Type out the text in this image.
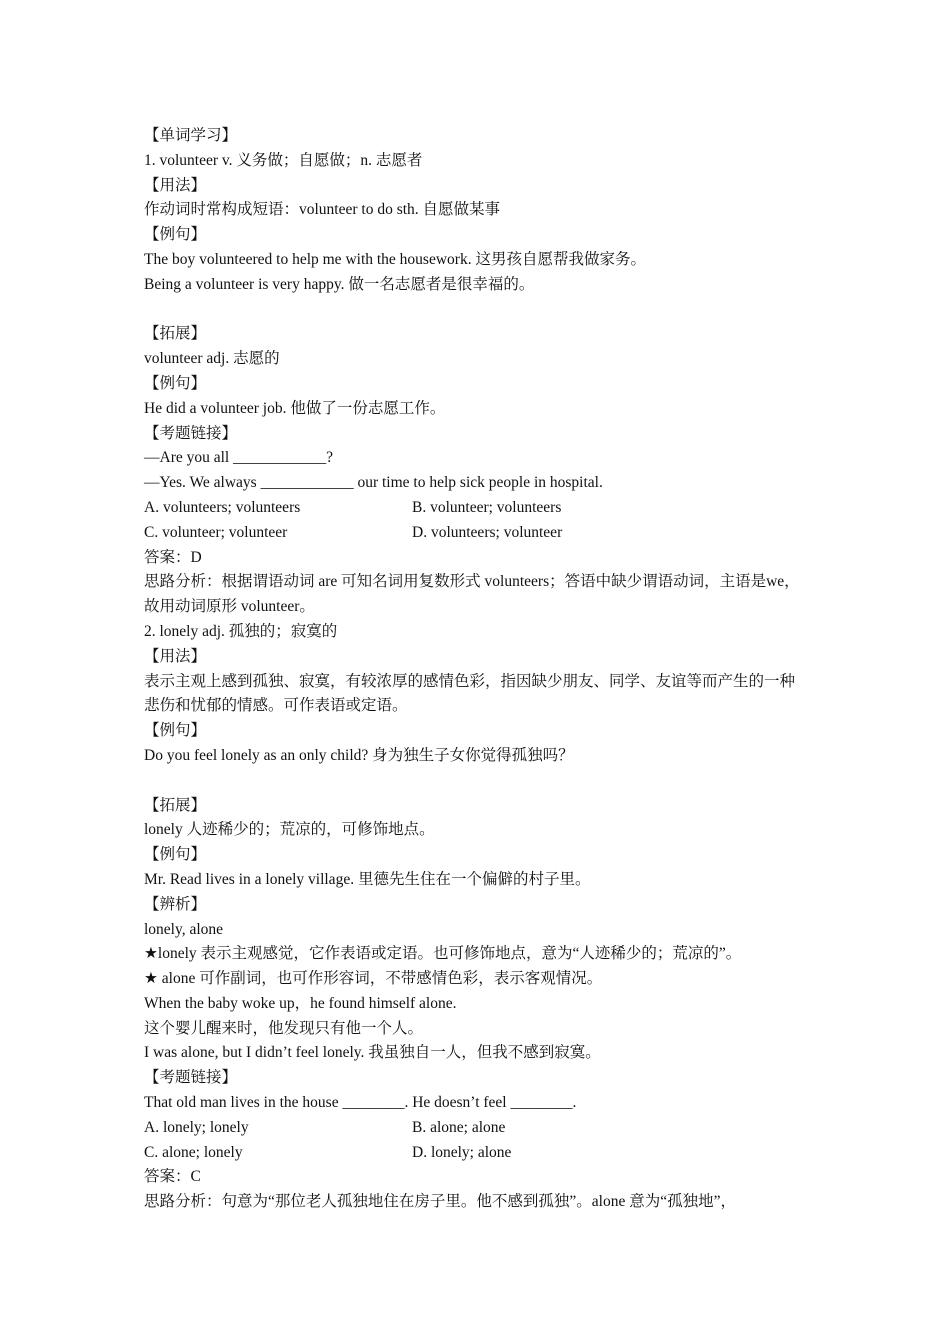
【单词学习】
1. volunteer v. 义务做；自愿做；n. 志愿者
【用法】
作动词时常构成短语：volunteer to do sth. 自愿做某事
【例句】
The boy volunteered to help me with the housework. 这男孩自愿帮我做家务。
Being a volunteer is very happy. 做一名志愿者是很幸福的。
【拓展】
volunteer adj. 志愿的
【例句】
He did a volunteer job. 他做了一份志愿工作。
【考题链接】
—Are you all ____________?
—Yes. We always ____________ our time to help sick people in hospital.
A. volunteers; volunteers	B. volunteer; volunteers
C. volunteer; volunteer	D. volunteers; volunteer
答案：D
思路分析：根据谓语动词 are 可知名词用复数形式 volunteers；答语中缺少谓语动词，主语是we，故用动词原形 volunteer。
2. lonely adj. 孤独的；寂寞的
【用法】
表示主观上感到孤独、寂寞，有较浓厚的感情色彩，指因缺少朋友、同学、友谊等而产生的一种悲伤和忧郁的情感。可作表语或定语。
【例句】
Do you feel lonely as an only child? 身为独生子女你觉得孤独吗？
【拓展】
lonely 人迹稀少的；荒凉的，可修饰地点。
【例句】
Mr. Read lives in a lonely village. 里德先生住在一个偏僻的村子里。
【辨析】
lonely, alone
★lonely 表示主观感觉，它作表语或定语。也可修饰地点，意为“人迹稀少的；荒凉的”。
★ alone 可作副词，也可作形容词，不带感情色彩，表示客观情况。
When the baby woke up，he found himself alone.
这个婴儿醒来时，他发现只有他一个人。
I was alone, but I didn’t feel lonely. 我虽独自一人，但我不感到寂寞。
【考题链接】
That old man lives in the house ________. He doesn’t feel ________.
A. lonely; lonely	B. alone; alone
C. alone; lonely	D. lonely; alone
答案：C
思路分析：句意为“那位老人孤独地住在房子里。他不感到孤独”。alone 意为“孤独地”，
